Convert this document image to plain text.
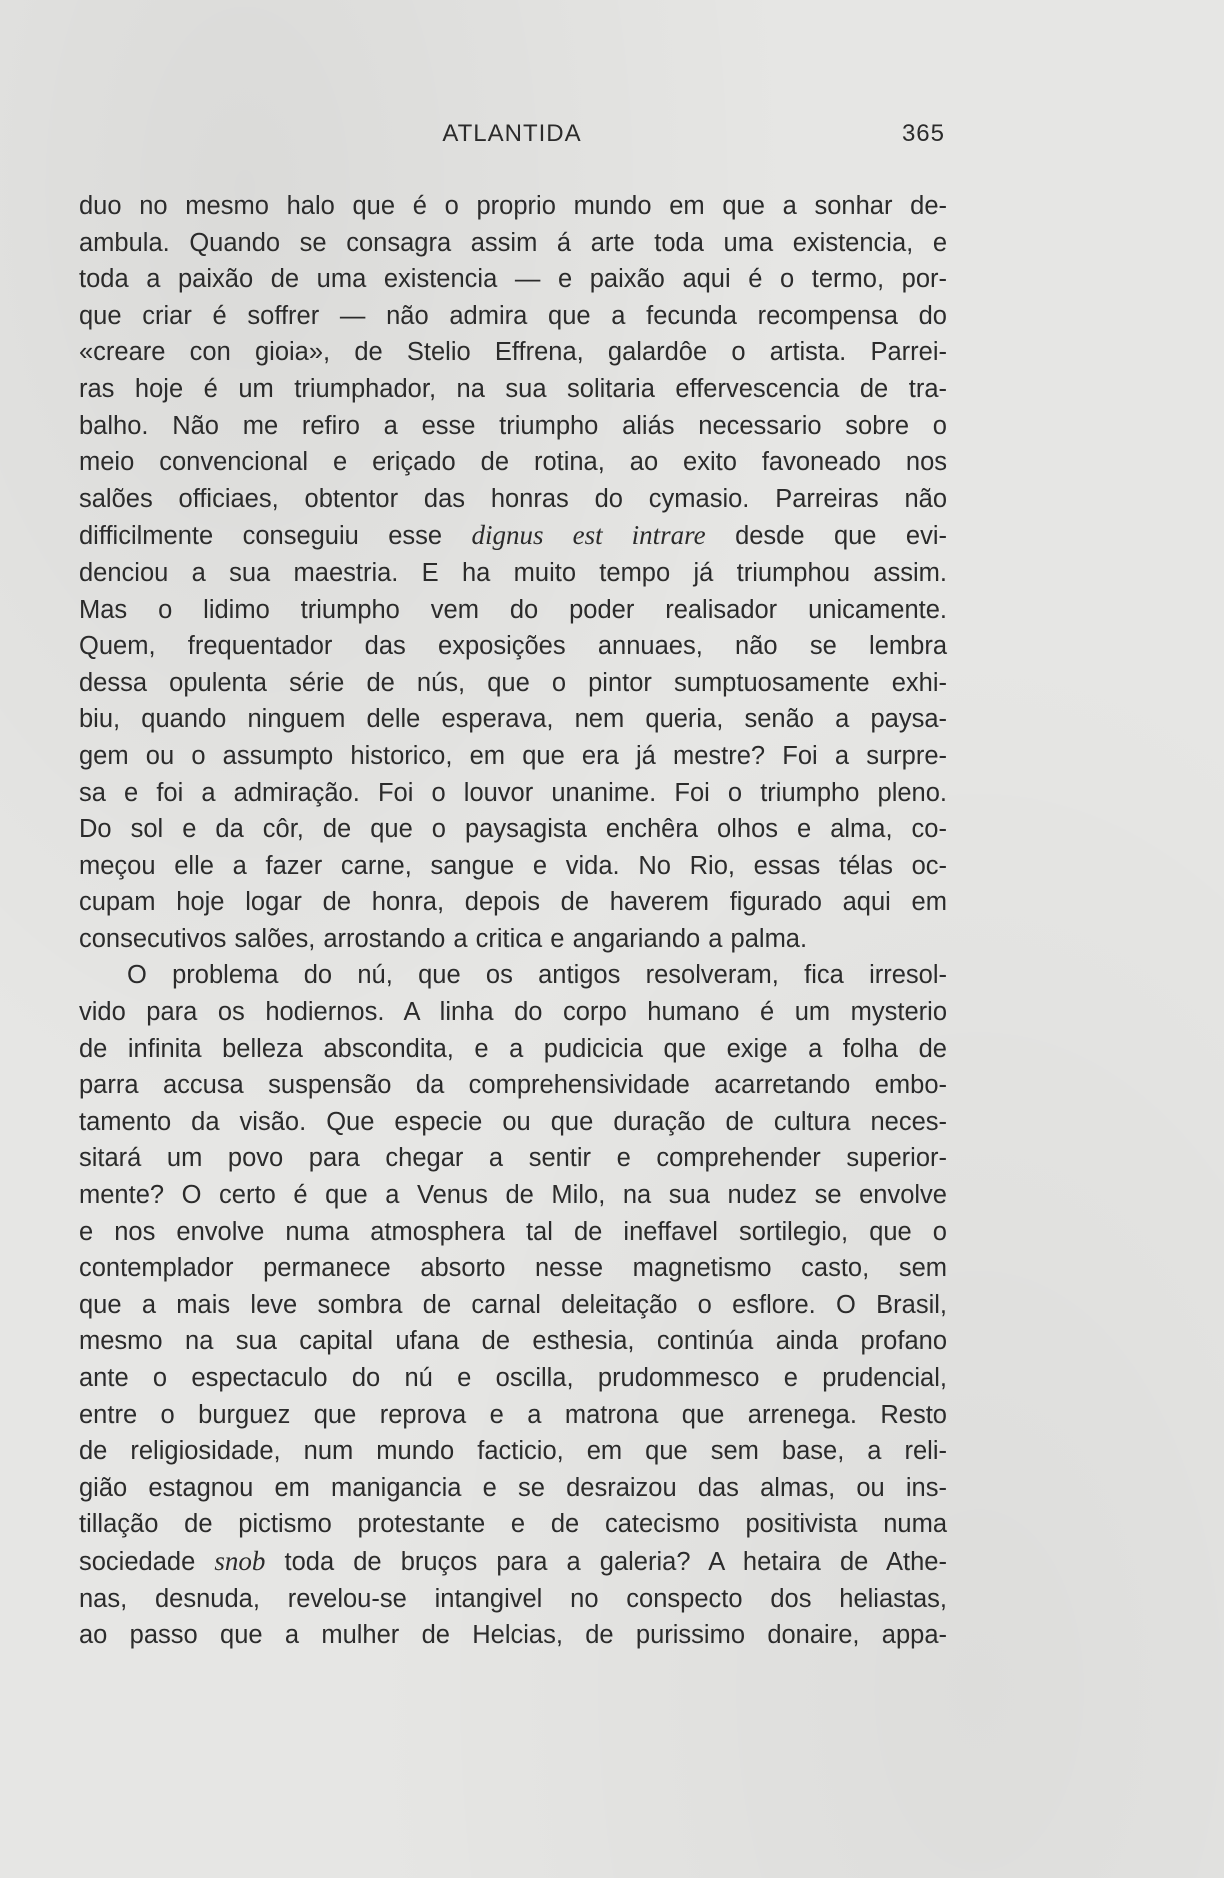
ATLANTIDA	365

duo no mesmo halo que é o proprio mundo em que a sonhar de-
ambula. Quando se consagra assim á arte toda uma existencia, e
toda a paixão de uma existencia — e paixão aqui é o termo, por-
que criar é soffrer — não admira que a fecunda recompensa do
«creare con gioia», de Stelio Effrena, galardôe o artista. Parrei-
ras hoje é um triumphador, na sua solitaria effervescencia de tra-
balho. Não me refiro a esse triumpho aliás necessario sobre o
meio convencional e eriçado de rotina, ao exito favoneado nos
salões officiaes, obtentor das honras do cymasio. Parreiras não
difficilmente conseguiu esse dignus est intrare desde que evi-
denciou a sua maestria. E ha muito tempo já triumphou assim.
Mas o lidimo triumpho vem do poder realisador unicamente.
Quem, frequentador das exposições annuaes, não se lembra
dessa opulenta série de nús, que o pintor sumptuosamente exhi-
biu, quando ninguem delle esperava, nem queria, senão a paysa-
gem ou o assumpto historico, em que era já mestre? Foi a surpre-
sa e foi a admiração. Foi o louvor unanime. Foi o triumpho pleno.
Do sol e da côr, de que o paysagista enchêra olhos e alma, co-
meçou elle a fazer carne, sangue e vida. No Rio, essas télas oc-
cupam hoje logar de honra, depois de haverem figurado aqui em
consecutivos salões, arrostando a critica e angariando a palma.

O problema do nú, que os antigos resolveram, fica irresol-
vido para os hodiernos. A linha do corpo humano é um mysterio
de infinita belleza abscondita, e a pudicicia que exige a folha de
parra accusa suspensão da comprehensividade acarretando embo-
tamento da visão. Que especie ou que duração de cultura neces-
sitará um povo para chegar a sentir e comprehender superior-
mente? O certo é que a Venus de Milo, na sua nudez se envolve
e nos envolve numa atmosphera tal de ineffavel sortilegio, que o
contemplador permanece absorto nesse magnetismo casto, sem
que a mais leve sombra de carnal deleitação o esflore. O Brasil,
mesmo na sua capital ufana de esthesia, continúa ainda profano
ante o espectaculo do nú e oscilla, prudommesco e prudencial,
entre o burguez que reprova e a matrona que arrenega. Resto
de religiosidade, num mundo facticio, em que sem base, a reli-
gião estagnou em manigancia e se desraizou das almas, ou ins-
tillação de pictismo protestante e de catecismo positivista numa
sociedade snob toda de bruços para a galeria? A hetaira de Athe-
nas, desnuda, revelou-se intangivel no conspecto dos heliastas,
ao passo que a mulher de Helcias, de purissimo donaire, appa-
